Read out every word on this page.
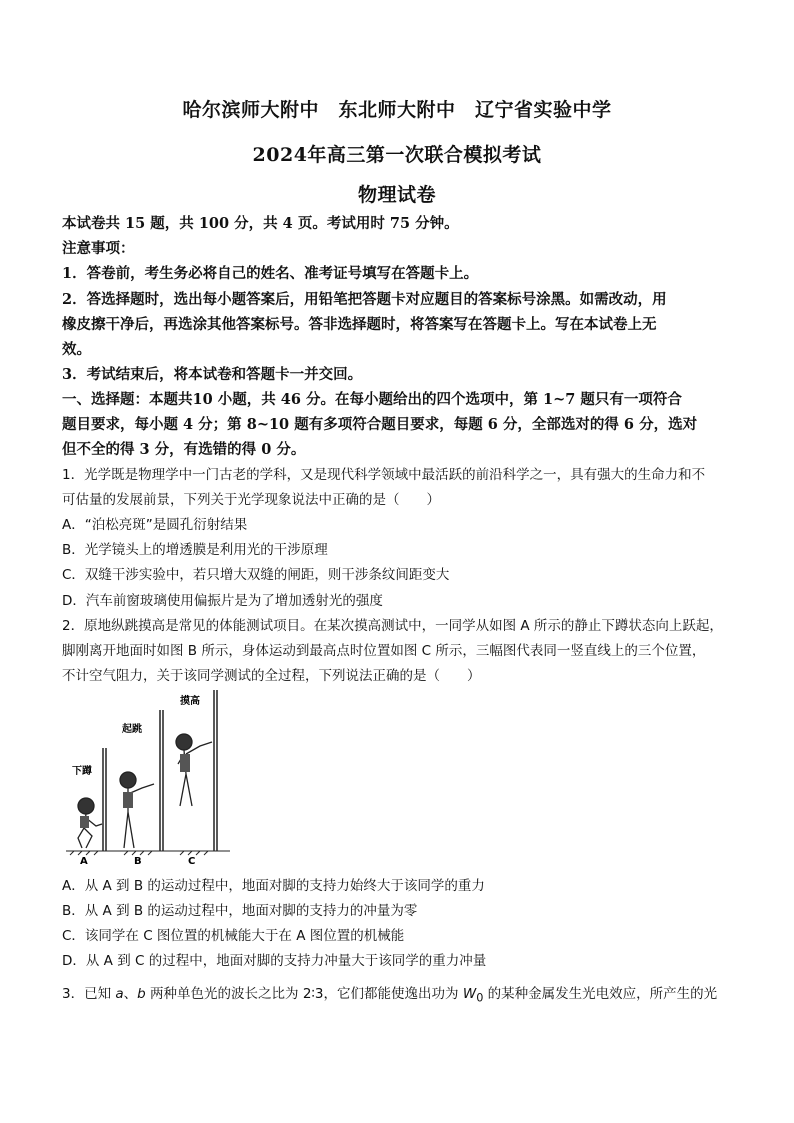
哈尔滨师大附中　东北师大附中　辽宁省实验中学
2024年高三第一次联合模拟考试
物理试卷
本试卷共 15 题，共 100 分，共 4 页。考试用时 75 分钟。
注意事项：
1．答卷前，考生务必将自己的姓名、准考证号填写在答题卡上。
2．答选择题时，选出每小题答案后，用铅笔把答题卡对应题目的答案标号涂黑。如需改动，用
橡皮擦干净后，再选涂其他答案标号。答非选择题时，将答案写在答题卡上。写在本试卷上无
效。
3．考试结束后，将本试卷和答题卡一并交回。
一、选择题：本题共10 小题，共 46 分。在每小题给出的四个选项中，第 1~7 题只有一项符合
题目要求，每小题 4 分；第 8~10 题有多项符合题目要求，每题 6 分，全部选对的得 6 分，选对
但不全的得 3 分，有选错的得 0 分。
1．光学既是物理学中一门古老的学科，又是现代科学领域中最活跃的前沿科学之一，具有强大的生命力和不
可估量的发展前景，下列关于光学现象说法中正确的是（　　）
A．“泊松亮斑”是圆孔衍射结果
B．光学镜头上的增透膜是利用光的干涉原理
C．双缝干涉实验中，若只增大双缝的闸距，则干涉条纹间距变大
D．汽车前窗玻璃使用偏振片是为了增加透射光的强度
2．原地纵跳摸高是常见的体能测试项目。在某次摸高测试中，一同学从如图 A 所示的静止下蹲状态向上跃起，
脚刚离开地面时如图 B 所示，身体运动到最高点时位置如图 C 所示，三幅图代表同一竖直线上的三个位置，
不计空气阻力，关于该同学测试的全过程，下列说法正确的是（　　）
下蹲
起跳
摸高
A	B	C
A．从 A 到 B 的运动过程中，地面对脚的支持力始终大于该同学的重力
B．从 A 到 B 的运动过程中，地面对脚的支持力的冲量为零
C．该同学在 C 图位置的机械能大于在 A 图位置的机械能
D．从 A 到 C 的过程中，地面对脚的支持力冲量大于该同学的重力冲量
3．已知 a、b 两种单色光的波长之比为 2∶3，它们都能使逸出功为 $W_0$ 的某种金属发生光电效应，所产生的光
